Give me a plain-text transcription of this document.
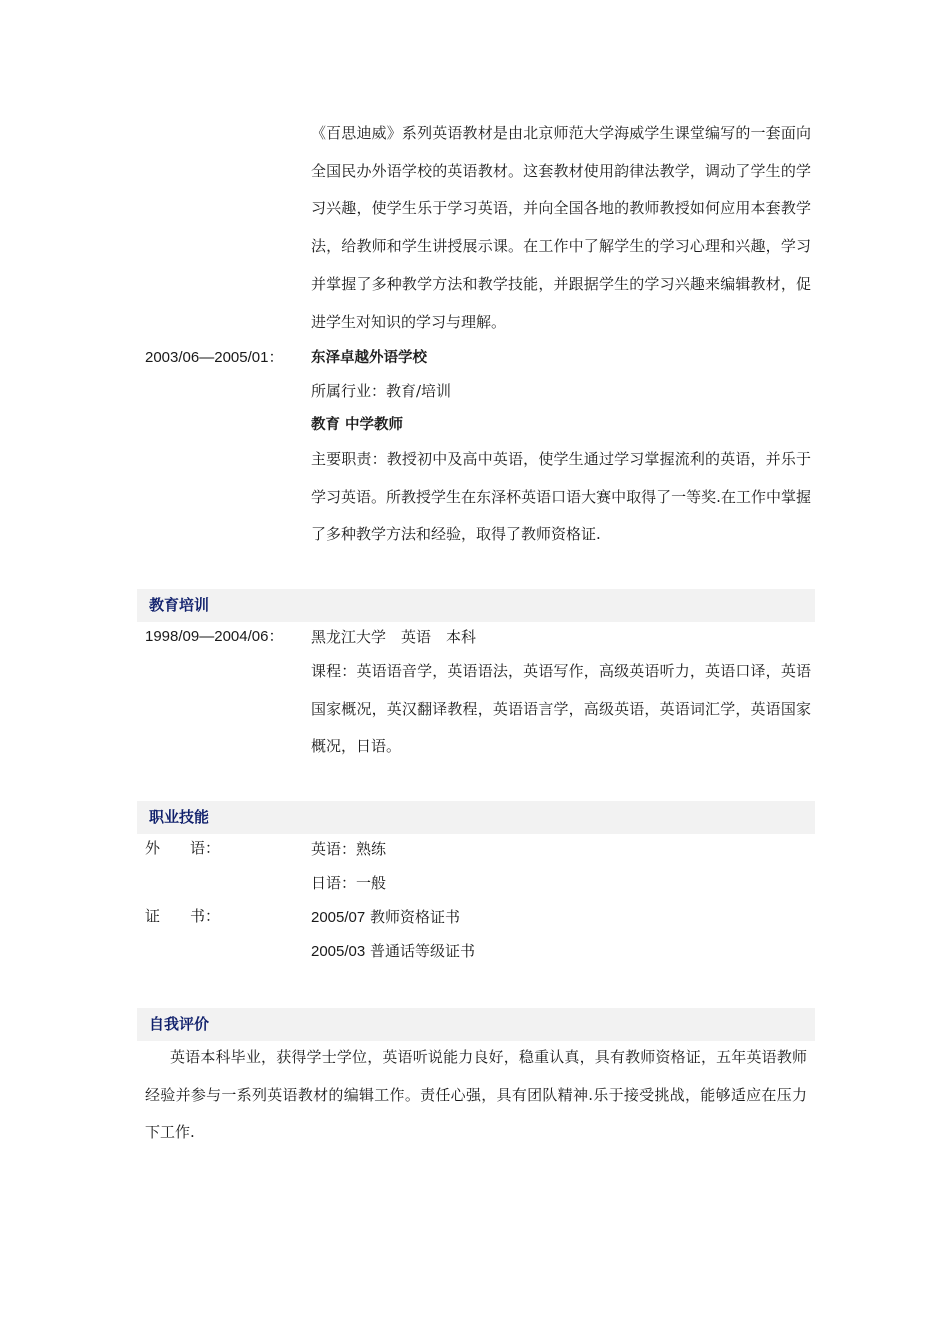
《百思迪威》系列英语教材是由北京师范大学海威学生课堂编写的一套面向全国民办外语学校的英语教材。这套教材使用韵律法教学，调动了学生的学习兴趣，使学生乐于学习英语，并向全国各地的教师教授如何应用本套教学法，给教师和学生讲授展示课。在工作中了解学生的学习心理和兴趣，学习并掌握了多种教学方法和教学技能，并跟据学生的学习兴趣来编辑教材，促进学生对知识的学习与理解。
2003/06—2005/01： 东泽卓越外语学校
所属行业：教育/培训
教育 中学教师
主要职责：教授初中及高中英语，使学生通过学习掌握流利的英语，并乐于学习英语。所教授学生在东泽杯英语口语大赛中取得了一等奖.在工作中掌握了多种教学方法和经验，取得了教师资格证.
教育培训
1998/09—2004/06： 黑龙江大学　英语　本科
课程：英语语音学，英语语法，英语写作，高级英语听力，英语口译，英语国家概况，英汉翻译教程，英语语言学，高级英语，英语词汇学，英语国家概况，日语。
职业技能
外　　语：	英语：熟练
日语：一般
证　　书：	2005/07 教师资格证书
2005/03 普通话等级证书
自我评价
英语本科毕业，获得学士学位，英语听说能力良好，稳重认真，具有教师资格证，五年英语教师经验并参与一系列英语教材的编辑工作。责任心强，具有团队精神.乐于接受挑战，能够适应在压力下工作.
